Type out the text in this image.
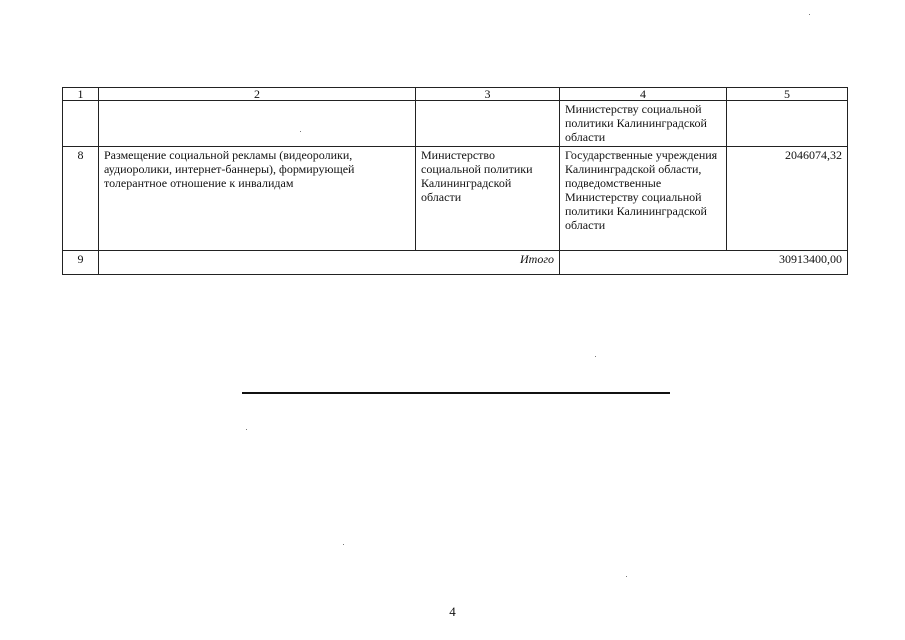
1	2	3	4	5
			Министерству социальной политики Калининградской области	
8	Размещение социальной рекламы (видеоролики, аудиоролики, интернет-баннеры), формирующей толерантное отношение к инвалидам	Министерство социальной политики Калининградской области	Государственные учреждения Калининградской области, подведомственные Министерству социальной политики Калининградской области	2046074,32
9	Итого		30913400,00	
4
